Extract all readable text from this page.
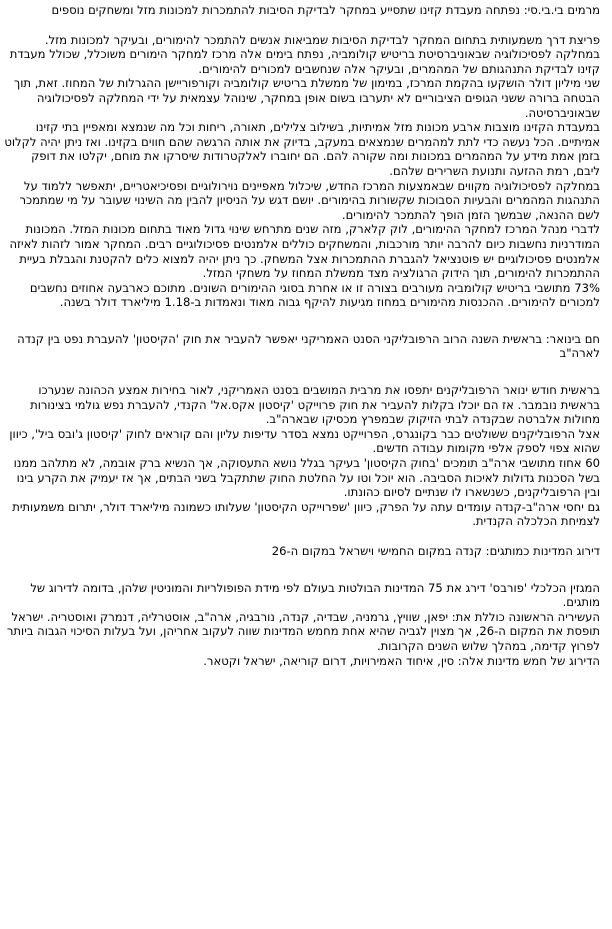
מרמים בי.בי.סי: נפתחה מעבדת קזינו שתסייע במחקר לבדיקת הסיבות להתמכרות למכונות מזל ומשחקים נוספים

פריצת דרך משמעותית בתחום המחקר לבדיקת הסיבות שמביאות אנשים להתמכר להימורים, ובעיקר למכונות מזל. במחלקה לפסיכולוגיה שבאוניברסיטת בריטיש קולומביה, נפתח בימים אלה מרכז למחקר הימורים משוכלל, שכולל מעבדת קזינו לבדיקת התנהגותם של המהמרים, ובעיקר אלה שנחשבים למכורים להימורים.

שני מיליון דולר הושקעו בהקמת המרכז, במימון של ממשלת בריטיש קולומביה וקורפוריישן ההגרלות של המחוז. זאת, תוך הבטחה ברורה ששני הגופים הציבוריים לא יתערבו בשום אופן במחקר, שינוהל עצמאית על ידי המחלקה לפסיכולוגיה שבאוניברסיטה.

במעבדת הקזינו מוצבות ארבע מכונות מזל אמיתיות, בשילוב צלילים, תאורה, ריחות וכל מה שנמצא ומאפיין בתי קזינו אמיתיים. הכל נעשה כדי לתת למהמרים שנמצאים במעקב, בדיוק את אותה הרגשה שהם חווים בקזינו. ואז ניתן יהיה לקלוט בזמן אמת מידע על המהמרים במכונות ומה שקורה להם. הם יחוברו לאלקטרודות שיסרקו את מוחם, יקלטו את דופק ליבם, רמת ההזעה ותנועת השרירים שלהם.

במחלקה לפסיכולוגיה מקווים שבאמצעות המרכז החדש, שיכלול מאפיינים נוירולוגיים ופסיכיאטריים, יתאפשר ללמוד על התנהגות המהמרים והבעיות הסבוכות שקשורות בהימורים. יושם דגש על הניסיון להבין מה השינוי שעובר על מי שמתמכר לשם ההנאה, שבמשך הזמן הופך להתמכר להימורים.

לדברי מנהל המרכז למחקר ההימורים, לוק קלארק, מזה שנים מתרחש שינוי גדול מאוד בתחום מכונות המזל. המכונות המודרניות נחשבות כיום להרבה יותר מורכבות, והמשחקים כוללים אלמנטים פסיכולוגיים רבים. המחקר אמור לזהות לאיזה אלמנטים פסיכולוגיים יש פוטנציאל להגברת ההתמכרות אצל המשחק. כך ניתן יהיה למצוא כלים להקטנת והגבלת בעיית ההתמכרות להימורים, תוך הידוק הרגולציה מצד ממשלת המחוז על משחקי המזל.

73% מתושבי בריטיש קולומביה מעורבים בצורה זו או אחרת בסוגי ההימורים השונים. מתוכם כארבעה אחוזים נחשבים למכורים להימורים. ההכנסות מהימורים במחוז מגיעות להיקף גבוה מאוד ונאמדות ב-1.18 מיליארד דולר בשנה.

חם בינואר: בראשית השנה הרוב הרפובליקני הסנט האמריקני יאפשר להעביר את חוק 'הקיסטון' להעברת נפט בין קנדה לארה"ב

בראשית חודש ינואר הרפובליקנים יתפסו את מרבית המושבים בסנט האמריקני, לאור בחירות אמצע הכהונה שנערכו בראשית נובמבר. אז הם יוכלו בקלות להעביר את חוק פרוייקט 'קיסטון אקס.אל' הקנדי, להעברת נפש גולמי בצינורות מחולות אלברטה שבקנדה לבתי הזיקוק שבמפרץ מכסיקו שבארה"ב.

אצל הרפובליקנים ששולטים כבר בקונגרס, הפרוייקט נמצא בסדר עדיפות עליון והם קוראים לחוק 'קיסטון ג'ובס ביל', כיוון שהוא צפוי לספק אלפי מקומות עבודה חדשים.

60 אחוז מתושבי ארה"ב תומכים 'בחוק הקיסטון' בעיקר בגלל נושא התעסוקה, אך הנשיא ברק אובמה, לא מתלהב ממנו בשל הסכנות גדולות לאיכות הסביבה. הוא יוכל וטו על החלטת החוק שתתקבל בשני הבתים, אך אז יעמיק את הקרע בינו ובין הרפובליקנים, כשנשארו לו שנתיים לסיום כהונתו.

גם יחסי ארה"ב-קנדה עומדים עתה על הפרק, כיוון 'שפרוייקט הקיסטון' שעלותו כשמונה מיליארד דולר, יתרום משמעותית לצמיחת הכלכלה הקנדית.

דירוג המדינות כמותגים: קנדה במקום החמישי וישראל במקום ה-26

המגזין הכלכלי 'פורבס' דירג את 75 המדינות הבולטות בעולם לפי מידת הפופולריות והמוניטין שלהן, בדומה לדירוג של מותגים.

העשיריה הראשונה כוללת את: יפאן, שוויץ, גרמניה, שבדיה, קנדה, נורבגיה, ארה"ב, אוסטרליה, דנמרק ואוסטריה. ישראל תופסת את המקום ה-26, אך מצוין לגביה שהיא אחת מחמש המדינות שווה לעקוב אחריהן, ועל בעלות הסיכוי הגבוה ביותר לפרוץ קדימה, במהלך שלוש השנים הקרובות.

הדירוג של חמש מדינות אלה: סין, איחוד האמירויות, דרום קוריאה, ישראל וקטאר.
